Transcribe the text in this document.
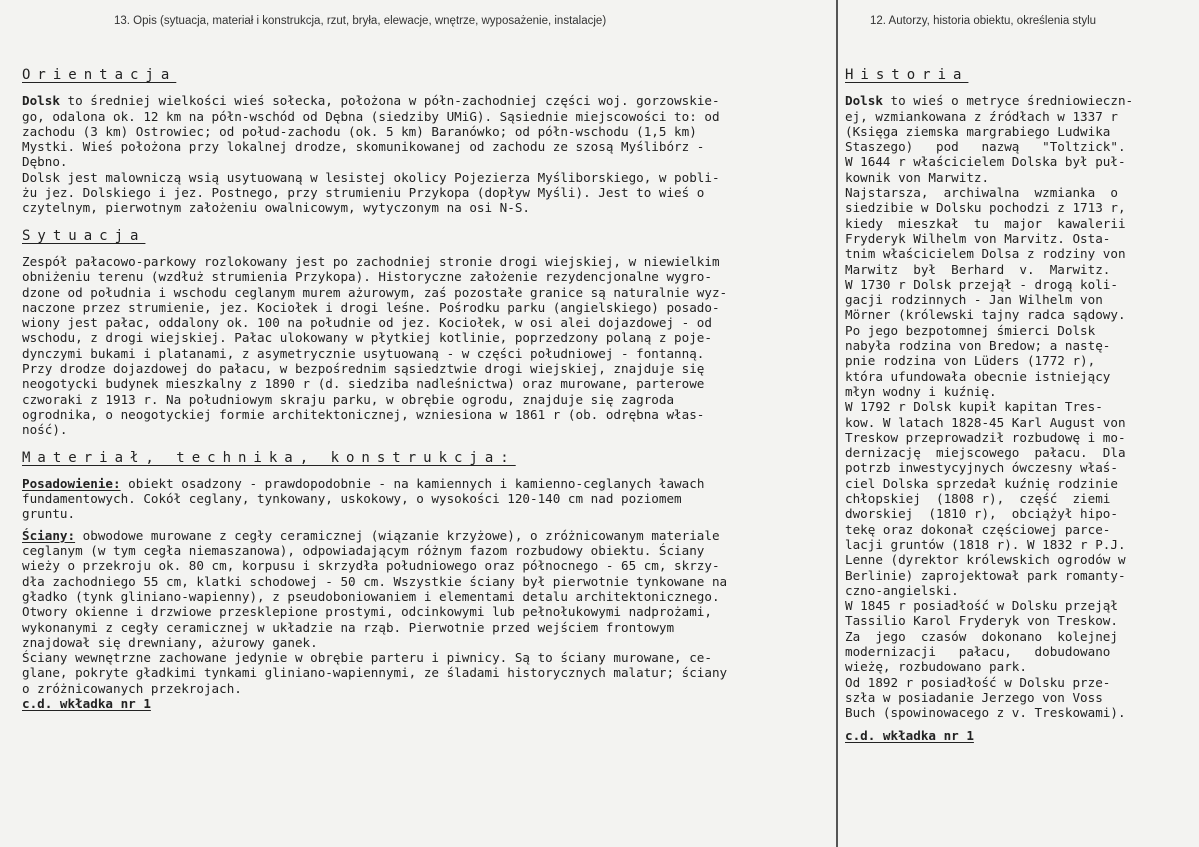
13. Opis (sytuacja, materiał i konstrukcja, rzut, bryła, elewacje, wnętrze, wyposażenie, instalacje)	12. Autorzy, historia obiektu, określenia stylu
Orientacja
Dolsk to średniej wielkości wieś sołecka, położona w półn-zachodniej części woj. gorzowskie-
go, odalona ok. 12 km na półn-wschód od Dębna (siedziby UMiG). Sąsiednie miejscowości to: od
zachodu (3 km) Ostrowiec; od połud-zachodu (ok. 5 km) Baranówko; od półn-wschodu (1,5 km)
Mystki. Wieś położona przy lokalnej drodze, skomunikowanej od zachodu ze szosą Myślibórz -
Dębno.
Dolsk jest malowniczą wsią usytuowaną w lesistej okolicy Pojezierza Myśliborskiego, w pobli-
żu jez. Dolskiego i jez. Postnego, przy strumieniu Przykopa (dopływ Myśli). Jest to wieś o
czytelnym, pierwotnym założeniu owalnicowym, wytyczonym na osi N-S.
Sytuacja
Zespół pałacowo-parkowy rozlokowany jest po zachodniej stronie drogi wiejskiej, w niewielkim
obniżeniu terenu (wzdłuż strumienia Przykopa). Historyczne założenie rezydencjonalne wygro-
dzone od południa i wschodu ceglanym murem ażurowym, zaś pozostałe granice są naturalnie wyz-
naczone przez strumienie, jez. Kociołek i drogi leśne. Pośrodku parku (angielskiego) posado-
wiony jest pałac, oddalony ok. 100 na południe od jez. Kociołek, w osi alei dojazdowej - od
wschodu, z drogi wiejskiej. Pałac ulokowany w płytkiej kotlinie, poprzedzony polaną z poje-
dynczymi bukami i platanami, z asymetrycznie usytuowaną - w części południowej - fontanną.
Przy drodze dojazdowej do pałacu, w bezpośrednim sąsiedztwie drogi wiejskiej, znajduje się
neogotycki budynek mieszkalny z 1890 r (d. siedziba nadleśnictwa) oraz murowane, parterowe
czworaki z 1913 r. Na południowym skraju parku, w obrębie ogrodu, znajduje się zagroda
ogrodnika, o neogotyckiej formie architektonicznej, wzniesiona w 1861 r (ob. odrębna włas-
ność).
Materiał, technika, konstrukcja:
Posadowienie: obiekt osadzony - prawdopodobnie - na kamiennych i kamienno-ceglanych ławach
fundamentowych. Cokół ceglany, tynkowany, uskokowy, o wysokości 120-140 cm nad poziomem
gruntu.
Ściany: obwodowe murowane z cegły ceramicznej (wiązanie krzyżowe), o zróżnicowanym materiale
ceglanym (w tym cegła niemaszanowa), odpowiadającym różnym fazom rozbudowy obiektu. Ściany
wieży o przekroju ok. 80 cm, korpusu i skrzydła południowego oraz północnego - 65 cm, skrzy-
dła zachodniego 55 cm, klatki schodowej - 50 cm. Wszystkie ściany był pierwotnie tynkowane na
gładko (tynk gliniano-wapienny), z pseudoboniowaniem i elementami detalu architektonicznego.
Otwory okienne i drzwiowe przesklepione prostymi, odcinkowymi lub pełnołukowymi nadprożami,
wykonanymi z cegły ceramicznej w układzie na rząb. Pierwotnie przed wejściem frontowym
znajdował się drewniany, ażurowy ganek.
Ściany wewnętrzne zachowane jedynie w obrębie parteru i piwnicy. Są to ściany murowane, ce-
glane, pokryte gładkimi tynkami gliniano-wapiennymi, ze śladami historycznych malatur; ściany
o zróżnicowanych przekrojach.
c.d. wkładka nr 1
Historia
Dolsk to wieś o metryce średniowieczn-
ej, wzmiankowana z źródłach w 1337 r
(Księga ziemska margrabiego Ludwika
Staszego)   pod   nazwą   "Toltzick".
W 1644 r właścicielem Dolska był puł-
kownik von Marwitz.
Najstarsza,  archiwalna  wzmianka  o
siedzibie w Dolsku pochodzi z 1713 r,
kiedy  mieszkał  tu  major  kawalerii
Fryderyk Wilhelm von Marvitz. Osta-
tnim właścicielem Dolsa z rodziny von
Marwitz  był  Berhard  v.  Marwitz.
W 1730 r Dolsk przejął - drogą koli-
gacji rodzinnych - Jan Wilhelm von
Mörner (królewski tajny radca sądowy.
Po jego bezpotomnej śmierci Dolsk
nabyła rodzina von Bredow; a nastę-
pnie rodzina von Lüders (1772 r),
która ufundowała obecnie istniejący
młyn wodny i kuźnię.
W 1792 r Dolsk kupił kapitan Tres-
kow. W latach 1828-45 Karl August von
Treskow przeprowadził rozbudowę i mo-
dernizację  miejscowego  pałacu.  Dla
potrzb inwestycyjnych ówczesny właś-
ciel Dolska sprzedał kuźnię rodzinie
chłopskiej  (1808 r),  część  ziemi
dworskiej  (1810 r),  obciążył hipo-
tekę oraz dokonał częściowej parce-
lacji gruntów (1818 r). W 1832 r P.J.
Lenne (dyrektor królewskich ogrodów w
Berlinie) zaprojektował park romanty-
czno-angielski.
W 1845 r posiadłość w Dolsku przejął
Tassilio Karol Fryderyk von Treskow.
Za  jego  czasów  dokonano  kolejnej
modernizacji   pałacu,   dobudowano
wieżę, rozbudowano park.
Od 1892 r posiadłość w Dolsku prze-
szła w posiadanie Jerzego von Voss
Buch (spowinowacego z v. Treskowami).
c.d. wkładka nr 1
